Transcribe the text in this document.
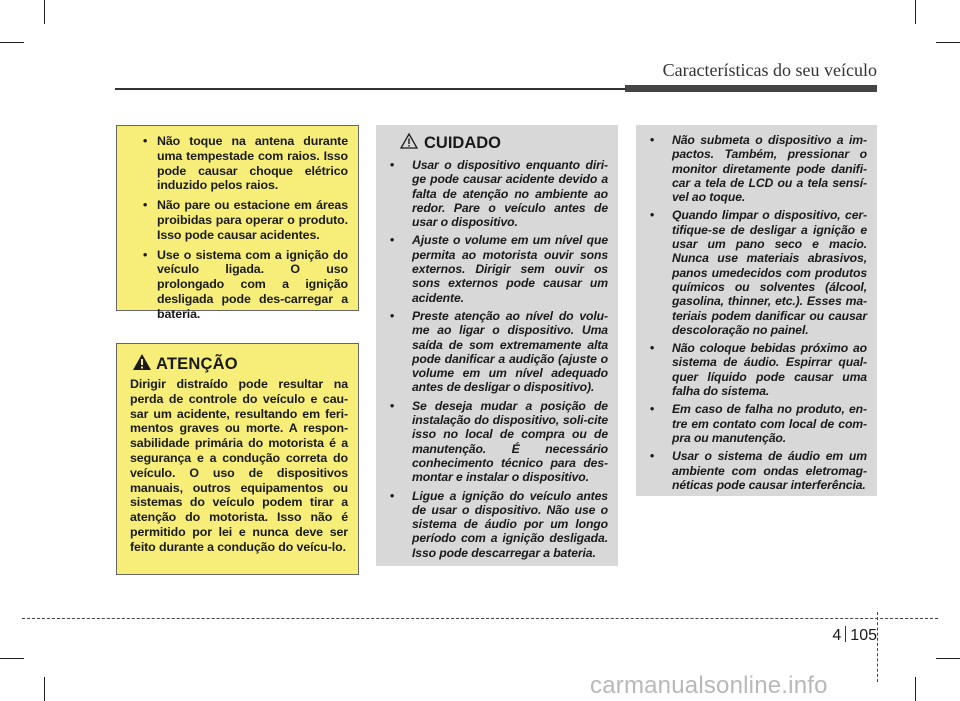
Características do seu veículo
• Não toque na antena durante uma tempestade com raios. Isso pode causar choque elétrico induzido pelos raios.
• Não pare ou estacione em áreas proibidas para operar o produto. Isso pode causar acidentes.
• Use o sistema com a ignição do veículo ligada. O uso prolongado com a ignição desligada pode des-carregar a bateria.
ATENÇÃO
Dirigir distraído pode resultar na perda de controle do veículo e cau-sar um acidente, resultando em feri-mentos graves ou morte. A respon-sabilidade primária do motorista é a segurança e a condução correta do veículo. O uso de dispositivos manuais, outros equipamentos ou sistemas do veículo podem tirar a atenção do motorista. Isso não é permitido por lei e nunca deve ser feito durante a condução do veícu-lo.
CUIDADO
• Usar o dispositivo enquanto diri-ge pode causar acidente devido a falta de atenção no ambiente ao redor. Pare o veículo antes de usar o dispositivo.
• Ajuste o volume em um nível que permita ao motorista ouvir sons externos. Dirigir sem ouvir os sons externos pode causar um acidente.
• Preste atenção ao nível do volu-me ao ligar o dispositivo. Uma saída de som extremamente alta pode danificar a audição (ajuste o volume em um nível adequado antes de desligar o dispositivo).
• Se deseja mudar a posição de instalação do dispositivo, soli-cite isso no local de compra ou de manutenção. É necessário conhecimento técnico para des-montar e instalar o dispositivo.
• Ligue a ignição do veículo antes de usar o dispositivo. Não use o sistema de áudio por um longo período com a ignição desligada. Isso pode descarregar a bateria.
• Não submeta o dispositivo a im-pactos. Também, pressionar o monitor diretamente pode danifi-car a tela de LCD ou a tela sensí-vel ao toque.
• Quando limpar o dispositivo, cer-tifique-se de desligar a ignição e usar um pano seco e macio. Nunca use materiais abrasivos, panos umedecidos com produtos químicos ou solventes (álcool, gasolina, thinner, etc.). Esses ma-teriais podem danificar ou causar descoloração no painel.
• Não coloque bebidas próximo ao sistema de áudio. Espirrar qual-quer líquido pode causar uma falha do sistema.
• Em caso de falha no produto, en-tre em contato com local de com-pra ou manutenção.
• Usar o sistema de áudio em um ambiente com ondas eletromag-néticas pode causar interferência.
4 105
carmanualsonline.info
